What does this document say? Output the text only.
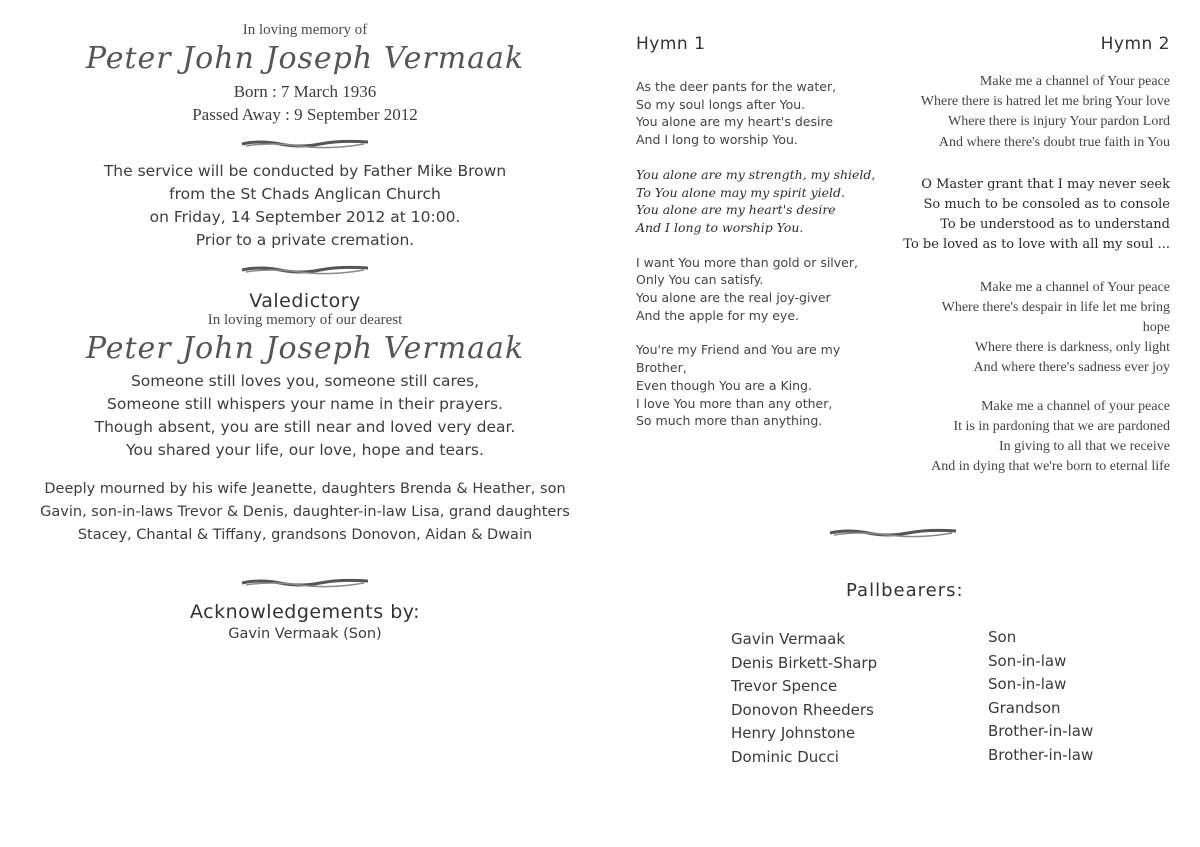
In loving memory of
Peter John Joseph Vermaak
Born : 7 March 1936
Passed Away : 9 September 2012
The service will be conducted by Father Mike Brown
from the St Chads Anglican Church
on Friday, 14 September 2012 at 10:00.
Prior to a private cremation.
Valedictory
In loving memory of our dearest
Peter John Joseph Vermaak
Someone still loves you, someone still cares,
Someone still whispers your name in their prayers.
Though absent, you are still near and loved very dear.
You shared your life, our love, hope and tears.
Deeply mourned by his wife Jeanette, daughters Brenda & Heather, son
Gavin, son-in-laws Trevor & Denis, daughter-in-law Lisa, grand daughters
Stacey, Chantal & Tiffany, grandsons Donovon, Aidan & Dwain
Acknowledgements by:
Gavin Vermaak (Son)
Hymn 1
As the deer pants for the water,
So my soul longs after You.
You alone are my heart's desire
And I long to worship You.
You alone are my strength, my shield,
To You alone may my spirit yield.
You alone are my heart's desire
And I long to worship You.
I want You more than gold or silver,
Only You can satisfy.
You alone are the real joy-giver
And the apple for my eye.
You're my Friend and You are my
Brother,
Even though You are a King.
I love You more than any other,
So much more than anything.
Hymn 2
Make me a channel of Your peace
Where there is hatred let me bring Your love
Where there is injury Your pardon Lord
And where there's doubt true faith in You
O Master grant that I may never seek
So much to be consoled as to console
To be understood as to understand
To be loved as to love with all my soul ...
Make me a channel of Your peace
Where there's despair in life let me bring
hope
Where there is darkness, only light
And where there's sadness ever joy
Make me a channel of your peace
It is in pardoning that we are pardoned
In giving to all that we receive
And in dying that we're born to eternal life
Pallbearers:
Gavin Vermaak
Denis Birkett-Sharp
Trevor Spence
Donovon Rheeders
Henry Johnstone
Dominic Ducci
Son
Son-in-law
Son-in-law
Grandson
Brother-in-law
Brother-in-law
